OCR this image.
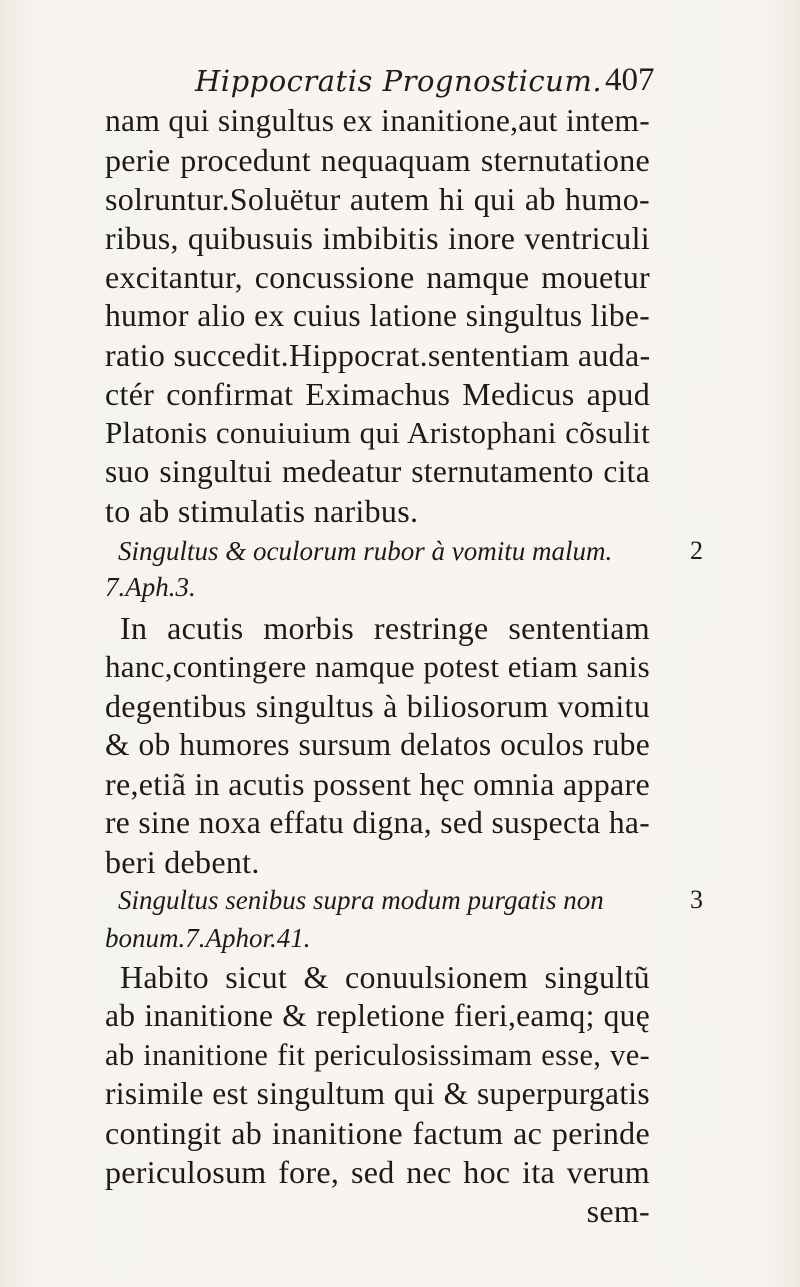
Hippocratis Prognosticum. 407
nam qui singultus ex inanitione,aut intem-
perie procedunt nequaquam sternutatione
solruntur.Soluëtur autem hi qui ab humo-
ribus, quibusuis imbibitis inore ventriculi
excitantur, concussione namque mouetur
humor alio ex cuius latione singultus libe-
ratio succedit.Hippocrat.sententiam auda-
ctér confirmat Eximachus Medicus apud
Platonis conuiuium qui Aristophani cõsulit
suo singultui medeatur sternutamento cita
to ab stimulatis naribus.
Singultus & oculorum rubor à vomitu malum.
7.Aph.3.
In acutis morbis restringe sententiam
hanc,contingere namque potest etiam sanis
degentibus singultus à biliosorum vomitu
& ob humores sursum delatos oculos rube
re,etiã in acutis possent hęc omnia appare
re sine noxa effatu digna, sed suspecta ha-
beri debent.
Singultus senibus supra modum purgatis non
bonum.7.Aphor.41.
Habito sicut & conuulsionem singultũ
ab inanitione & repletione fieri,eamq; quę
ab inanitione fit periculosissimam esse, ve-
risimile est singultum qui & superpurgatis
contingit ab inanitione factum ac perinde
periculosum fore, sed nec hoc ita verum
sem-
2
3
